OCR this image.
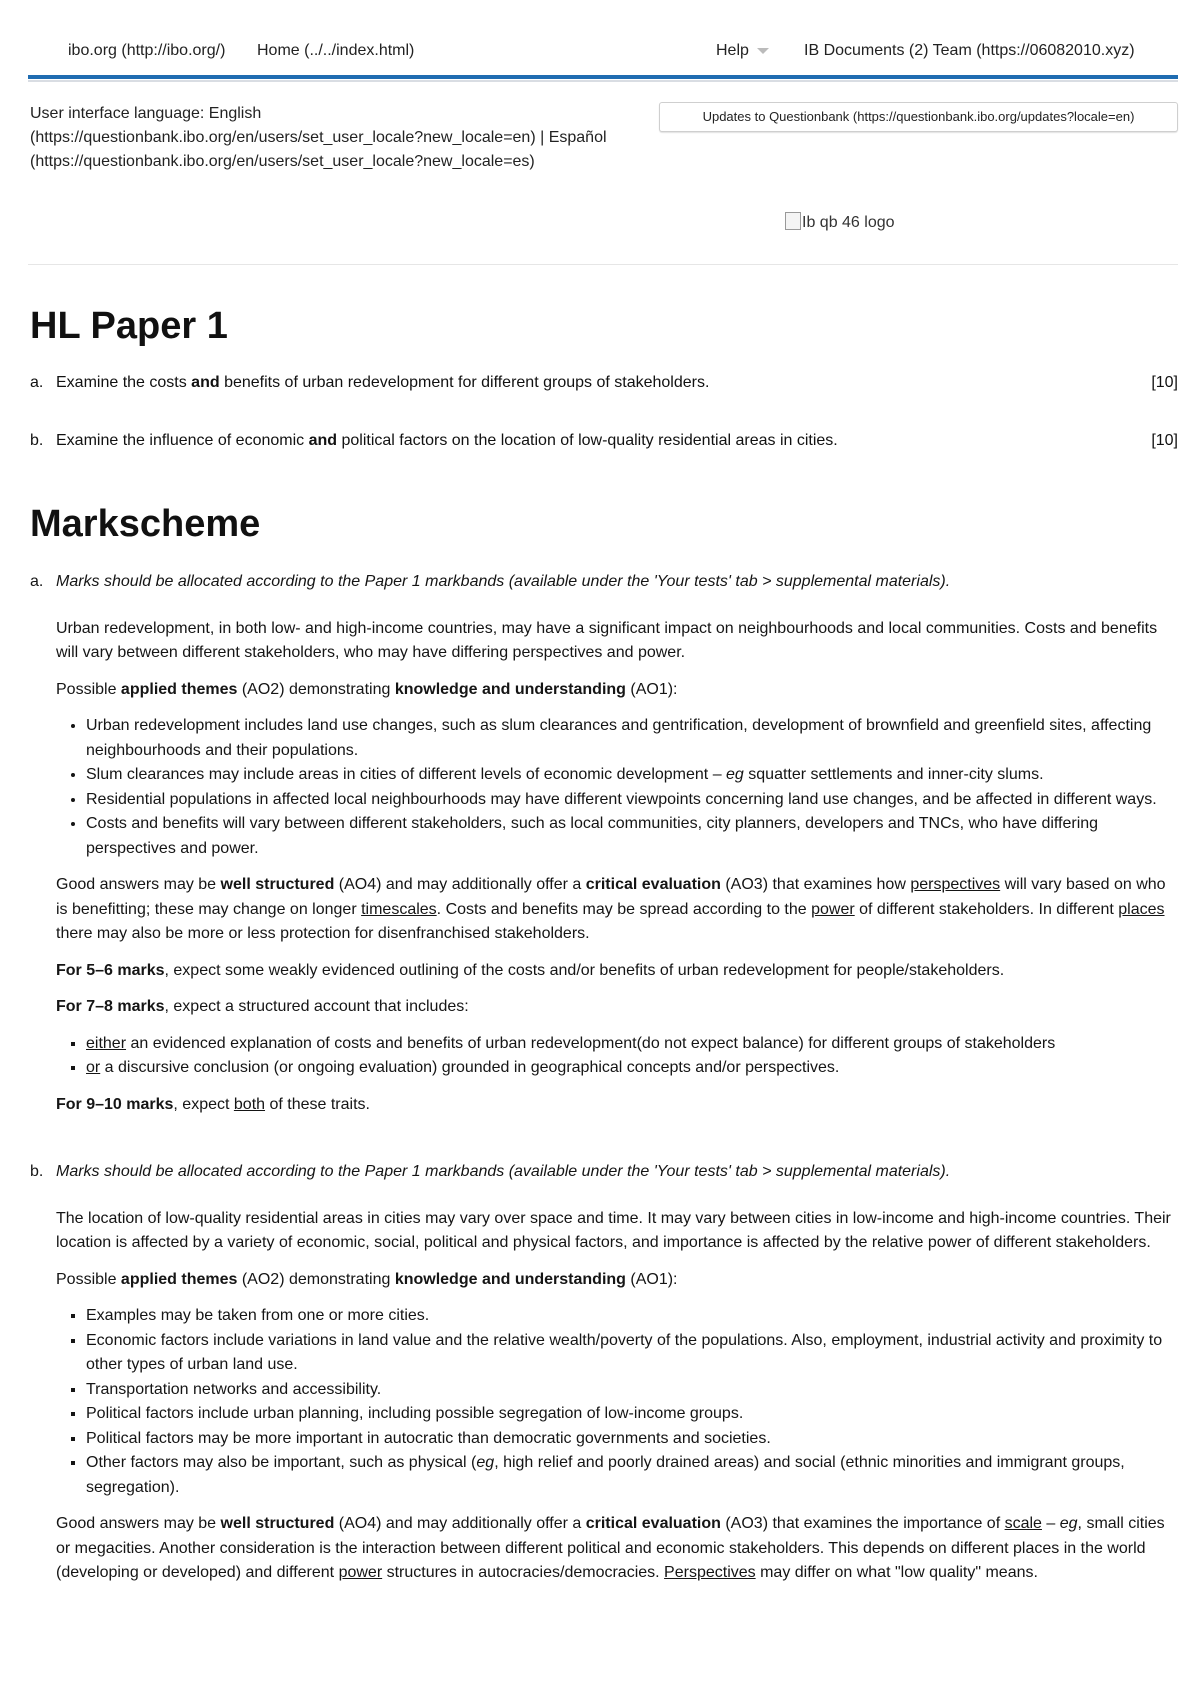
ibo.org (http://ibo.org/) Home (../../index.html)	Help	IB Documents (2) Team (https://06082010.xyz)
User interface language: English
(https://questionbank.ibo.org/en/users/set_user_locale?new_locale=en) | Español
(https://questionbank.ibo.org/en/users/set_user_locale?new_locale=es)
Updates to Questionbank (https://questionbank.ibo.org/updates?locale=en)
Ib qb 46 logo
HL Paper 1
a. Examine the costs and benefits of urban redevelopment for different groups of stakeholders.	[10]
b. Examine the influence of economic and political factors on the location of low-quality residential areas in cities.	[10]
Markscheme
a. Marks should be allocated according to the Paper 1 markbands (available under the 'Your tests' tab > supplemental materials).

Urban redevelopment, in both low- and high-income countries, may have a significant impact on neighbourhoods and local communities. Costs and benefits will vary between different stakeholders, who may have differing perspectives and power.

Possible applied themes (AO2) demonstrating knowledge and understanding (AO1):

• Urban redevelopment includes land use changes, such as slum clearances and gentrification, development of brownfield and greenfield sites, affecting neighbourhoods and their populations.
• Slum clearances may include areas in cities of different levels of economic development – eg squatter settlements and inner-city slums.
• Residential populations in affected local neighbourhoods may have different viewpoints concerning land use changes, and be affected in different ways.
• Costs and benefits will vary between different stakeholders, such as local communities, city planners, developers and TNCs, who have differing perspectives and power.

Good answers may be well structured (AO4) and may additionally offer a critical evaluation (AO3) that examines how perspectives will vary based on who is benefitting; these may change on longer timescales. Costs and benefits may be spread according to the power of different stakeholders. In different places there may also be more or less protection for disenfranchised stakeholders.

For 5–6 marks, expect some weakly evidenced outlining of the costs and/or benefits of urban redevelopment for people/stakeholders.

For 7–8 marks, expect a structured account that includes:

▪ either an evidenced explanation of costs and benefits of urban redevelopment(do not expect balance) for different groups of stakeholders
▪ or a discursive conclusion (or ongoing evaluation) grounded in geographical concepts and/or perspectives.

For 9–10 marks, expect both of these traits.

b. Marks should be allocated according to the Paper 1 markbands (available under the 'Your tests' tab > supplemental materials).

The location of low-quality residential areas in cities may vary over space and time. It may vary between cities in low-income and high-income countries. Their location is affected by a variety of economic, social, political and physical factors, and importance is affected by the relative power of different stakeholders.

Possible applied themes (AO2) demonstrating knowledge and understanding (AO1):

▪ Examples may be taken from one or more cities.
▪ Economic factors include variations in land value and the relative wealth/poverty of the populations. Also, employment, industrial activity and proximity to other types of urban land use.
▪ Transportation networks and accessibility.
▪ Political factors include urban planning, including possible segregation of low-income groups.
▪ Political factors may be more important in autocratic than democratic governments and societies.
▪ Other factors may also be important, such as physical (eg, high relief and poorly drained areas) and social (ethnic minorities and immigrant groups, segregation).

Good answers may be well structured (AO4) and may additionally offer a critical evaluation (AO3) that examines the importance of scale – eg, small cities or megacities. Another consideration is the interaction between different political and economic stakeholders. This depends on different places in the world (developing or developed) and different power structures in autocracies/democracies. Perspectives may differ on what "low quality" means.
